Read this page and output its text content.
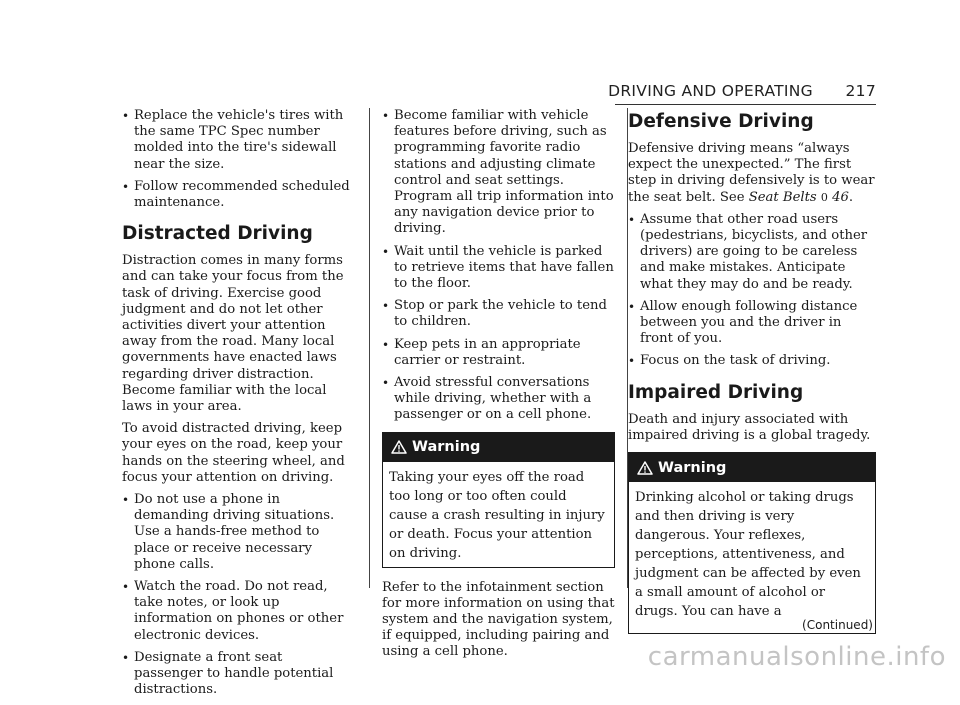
DRIVING AND OPERATING 217
• Replace the vehicle's tires with the same TPC Spec number molded into the tire's sidewall near the size.
• Follow recommended scheduled maintenance.
Distracted Driving

Distraction comes in many forms and can take your focus from the task of driving. Exercise good judgment and do not let other activities divert your attention away from the road. Many local governments have enacted laws regarding driver distraction. Become familiar with the local laws in your area.

To avoid distracted driving, keep your eyes on the road, keep your hands on the steering wheel, and focus your attention on driving.

• Do not use a phone in demanding driving situations. Use a hands-free method to place or receive necessary phone calls.
• Watch the road. Do not read, take notes, or look up information on phones or other electronic devices.
• Designate a front seat passenger to handle potential distractions.
• Become familiar with vehicle features before driving, such as programming favorite radio stations and adjusting climate control and seat settings. Program all trip information into any navigation device prior to driving.
• Wait until the vehicle is parked to retrieve items that have fallen to the floor.
• Stop or park the vehicle to tend to children.
• Keep pets in an appropriate carrier or restraint.
• Avoid stressful conversations while driving, whether with a passenger or on a cell phone.
Warning
Taking your eyes off the road too long or too often could cause a crash resulting in injury or death. Focus your attention on driving.

Refer to the infotainment section for more information on using that system and the navigation system, if equipped, including pairing and using a cell phone.

Defensive Driving

Defensive driving means “always expect the unexpected.” The first step in driving defensively is to wear the seat belt. See Seat Belts 0 46.

• Assume that other road users (pedestrians, bicyclists, and other drivers) are going to be careless and make mistakes. Anticipate what they may do and be ready.
• Allow enough following distance between you and the driver in front of you.
• Focus on the task of driving.
Impaired Driving

Death and injury associated with impaired driving is a global tragedy.

Warning
Drinking alcohol or taking drugs and then driving is very dangerous. Your reflexes, perceptions, attentiveness, and judgment can be affected by even a small amount of alcohol or drugs. You can have a
(Continued)
carmanualsonline.info
